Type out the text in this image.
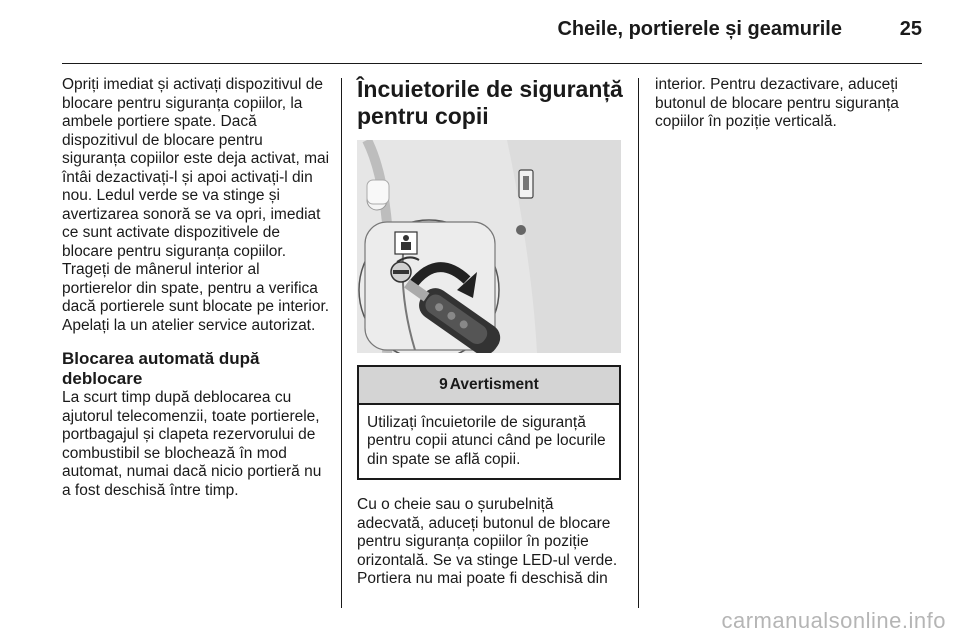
Cheile, portierele și geamurile	25

Opriți imediat și activați dispozitivul de blocare pentru siguranța copiilor, la ambele portiere spate. Dacă dispozitivul de blocare pentru siguranța copiilor este deja activat, mai întâi dezactivați-l și apoi activați-l din nou. Ledul verde se va stinge și avertizarea sonoră se va opri, imediat ce sunt activate dispozitivele de blocare pentru siguranța copiilor. Trageți de mânerul interior al portierelor din spate, pentru a verifica dacă portierele sunt blocate pe interior. Apelați la un atelier service autorizat.

Blocarea automată după deblocare

La scurt timp după deblocarea cu ajutorul telecomenzii, toate portierele, portbagajul și clapeta rezervorului de combustibil se blochează în mod automat, numai dacă nicio portieră nu a fost deschisă între timp.

Încuietorile de siguranță pentru copii
9 Avertisment
Utilizați încuietorile de siguranță pentru copii atunci când pe locurile din spate se află copii.

Cu o cheie sau o șurubelniță adecvată, aduceți butonul de blocare pentru siguranța copiilor în poziție orizontală. Se va stinge LED-ul verde. Portiera nu mai poate fi deschisă din

interior. Pentru dezactivare, aduceți butonul de blocare pentru siguranța copiilor în poziție verticală.

carmanualsonline.info
